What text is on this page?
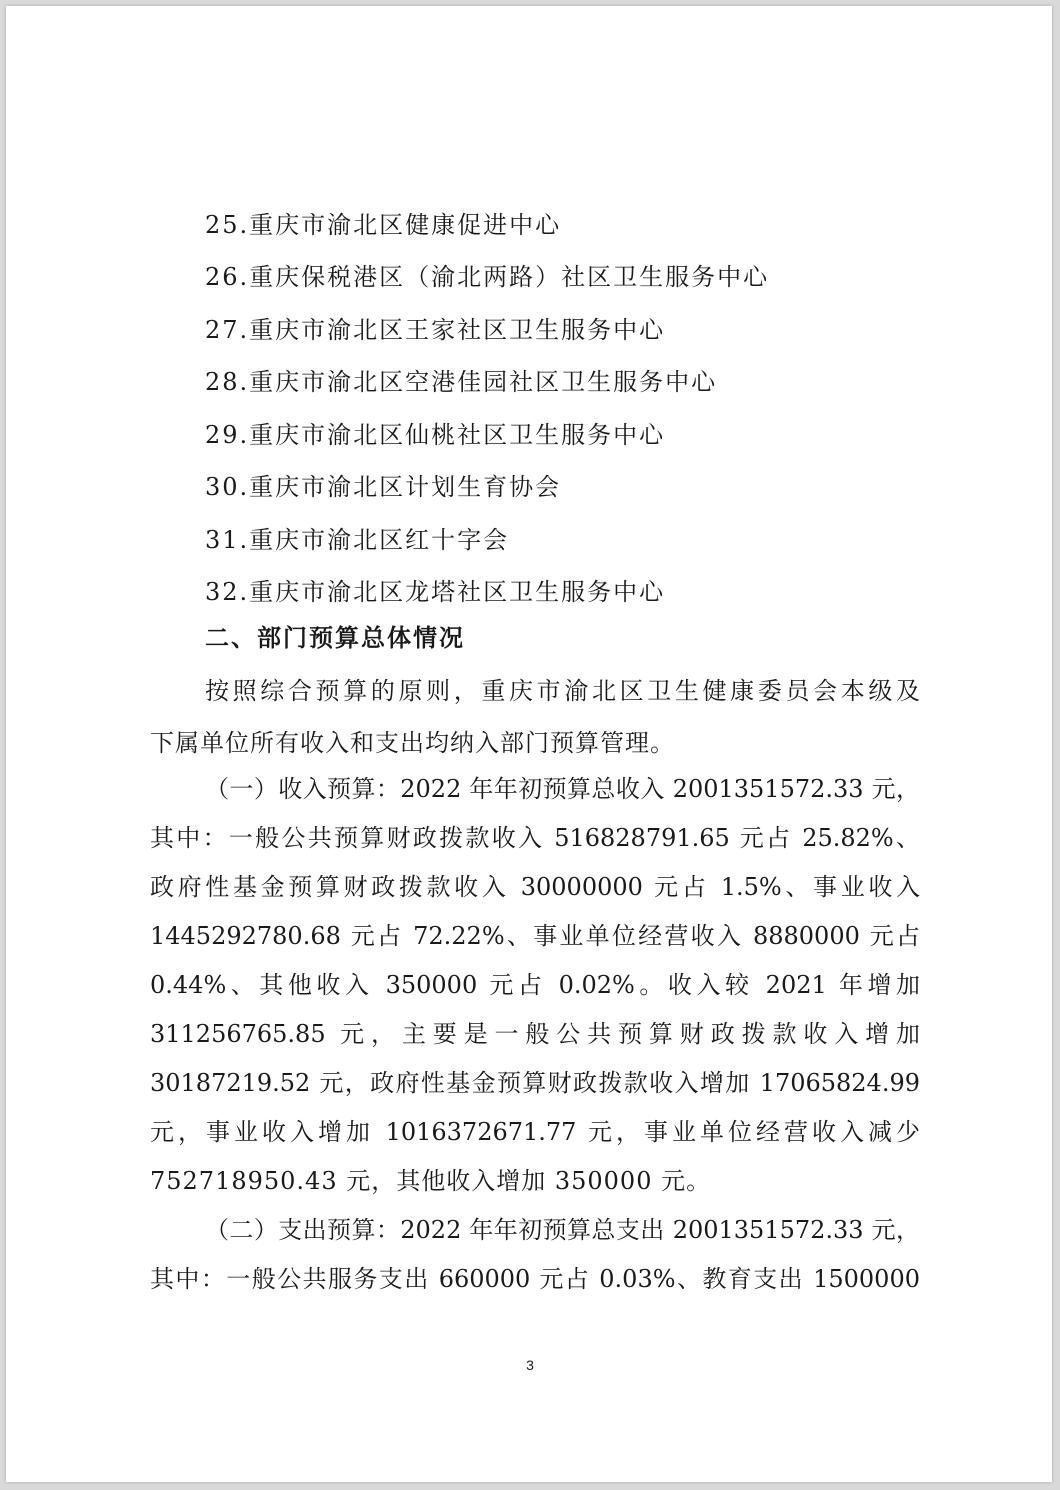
25.重庆市渝北区健康促进中心
26.重庆保税港区（渝北两路）社区卫生服务中心
27.重庆市渝北区王家社区卫生服务中心
28.重庆市渝北区空港佳园社区卫生服务中心
29.重庆市渝北区仙桃社区卫生服务中心
30.重庆市渝北区计划生育协会
31.重庆市渝北区红十字会
32.重庆市渝北区龙塔社区卫生服务中心
二、部门预算总体情况
按照综合预算的原则，重庆市渝北区卫生健康委员会本级及
下属单位所有收入和支出均纳入部门预算管理。
（一）收入预算：2022 年年初预算总收入 2001351572.33 元，
其中：一般公共预算财政拨款收入 516828791.65 元占 25.82%、
政府性基金预算财政拨款收入 30000000 元占 1.5%、事业收入
1445292780.68 元占 72.22%、事业单位经营收入 8880000 元占
0.44%、其他收入 350000 元占 0.02%。收入较 2021 年增加
311256765.85 元，主要是一般公共预算财政拨款收入增加
30187219.52 元，政府性基金预算财政拨款收入增加 17065824.99
元，事业收入增加 1016372671.77 元，事业单位经营收入减少
752718950.43 元，其他收入增加 350000 元。
（二）支出预算：2022 年年初预算总支出 2001351572.33 元，
其中：一般公共服务支出 660000 元占 0.03%、教育支出 1500000
3
